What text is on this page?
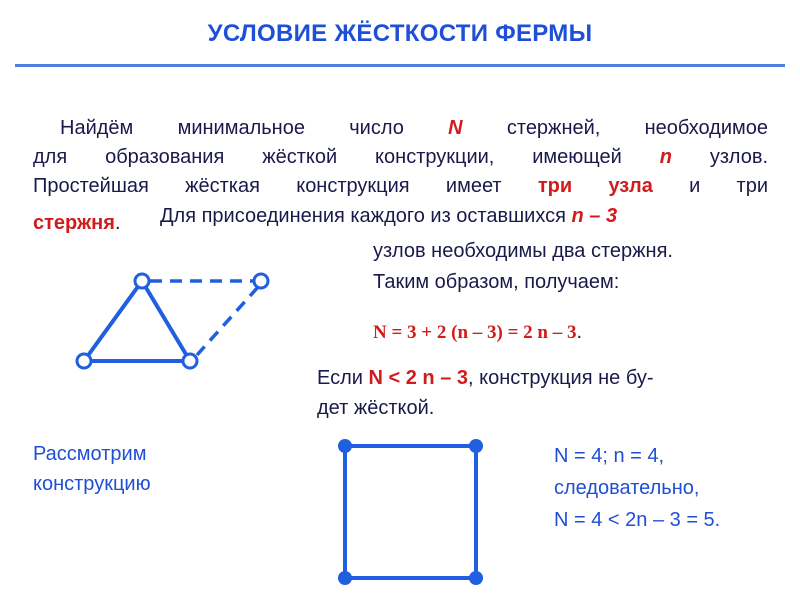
УСЛОВИЕ ЖЁСТКОСТИ ФЕРМЫ
Найдём минимальное число N стержней, необходимое
для образования жёсткой конструкции, имеющей n узлов.
Простейшая жёсткая конструкция имеет три узла и три
стержня. Для присоединения каждого из оставшихся n – 3
узлов необходимы два стержня.
Таким образом, получаем:
N = 3 + 2 (n – 3) = 2 n – 3.
Если N < 2 n – 3, конструкция не бу-
дет жёсткой.
Рассмотрим
конструкцию
N = 4; n = 4,
следовательно,
N = 4 < 2n – 3 = 5.
